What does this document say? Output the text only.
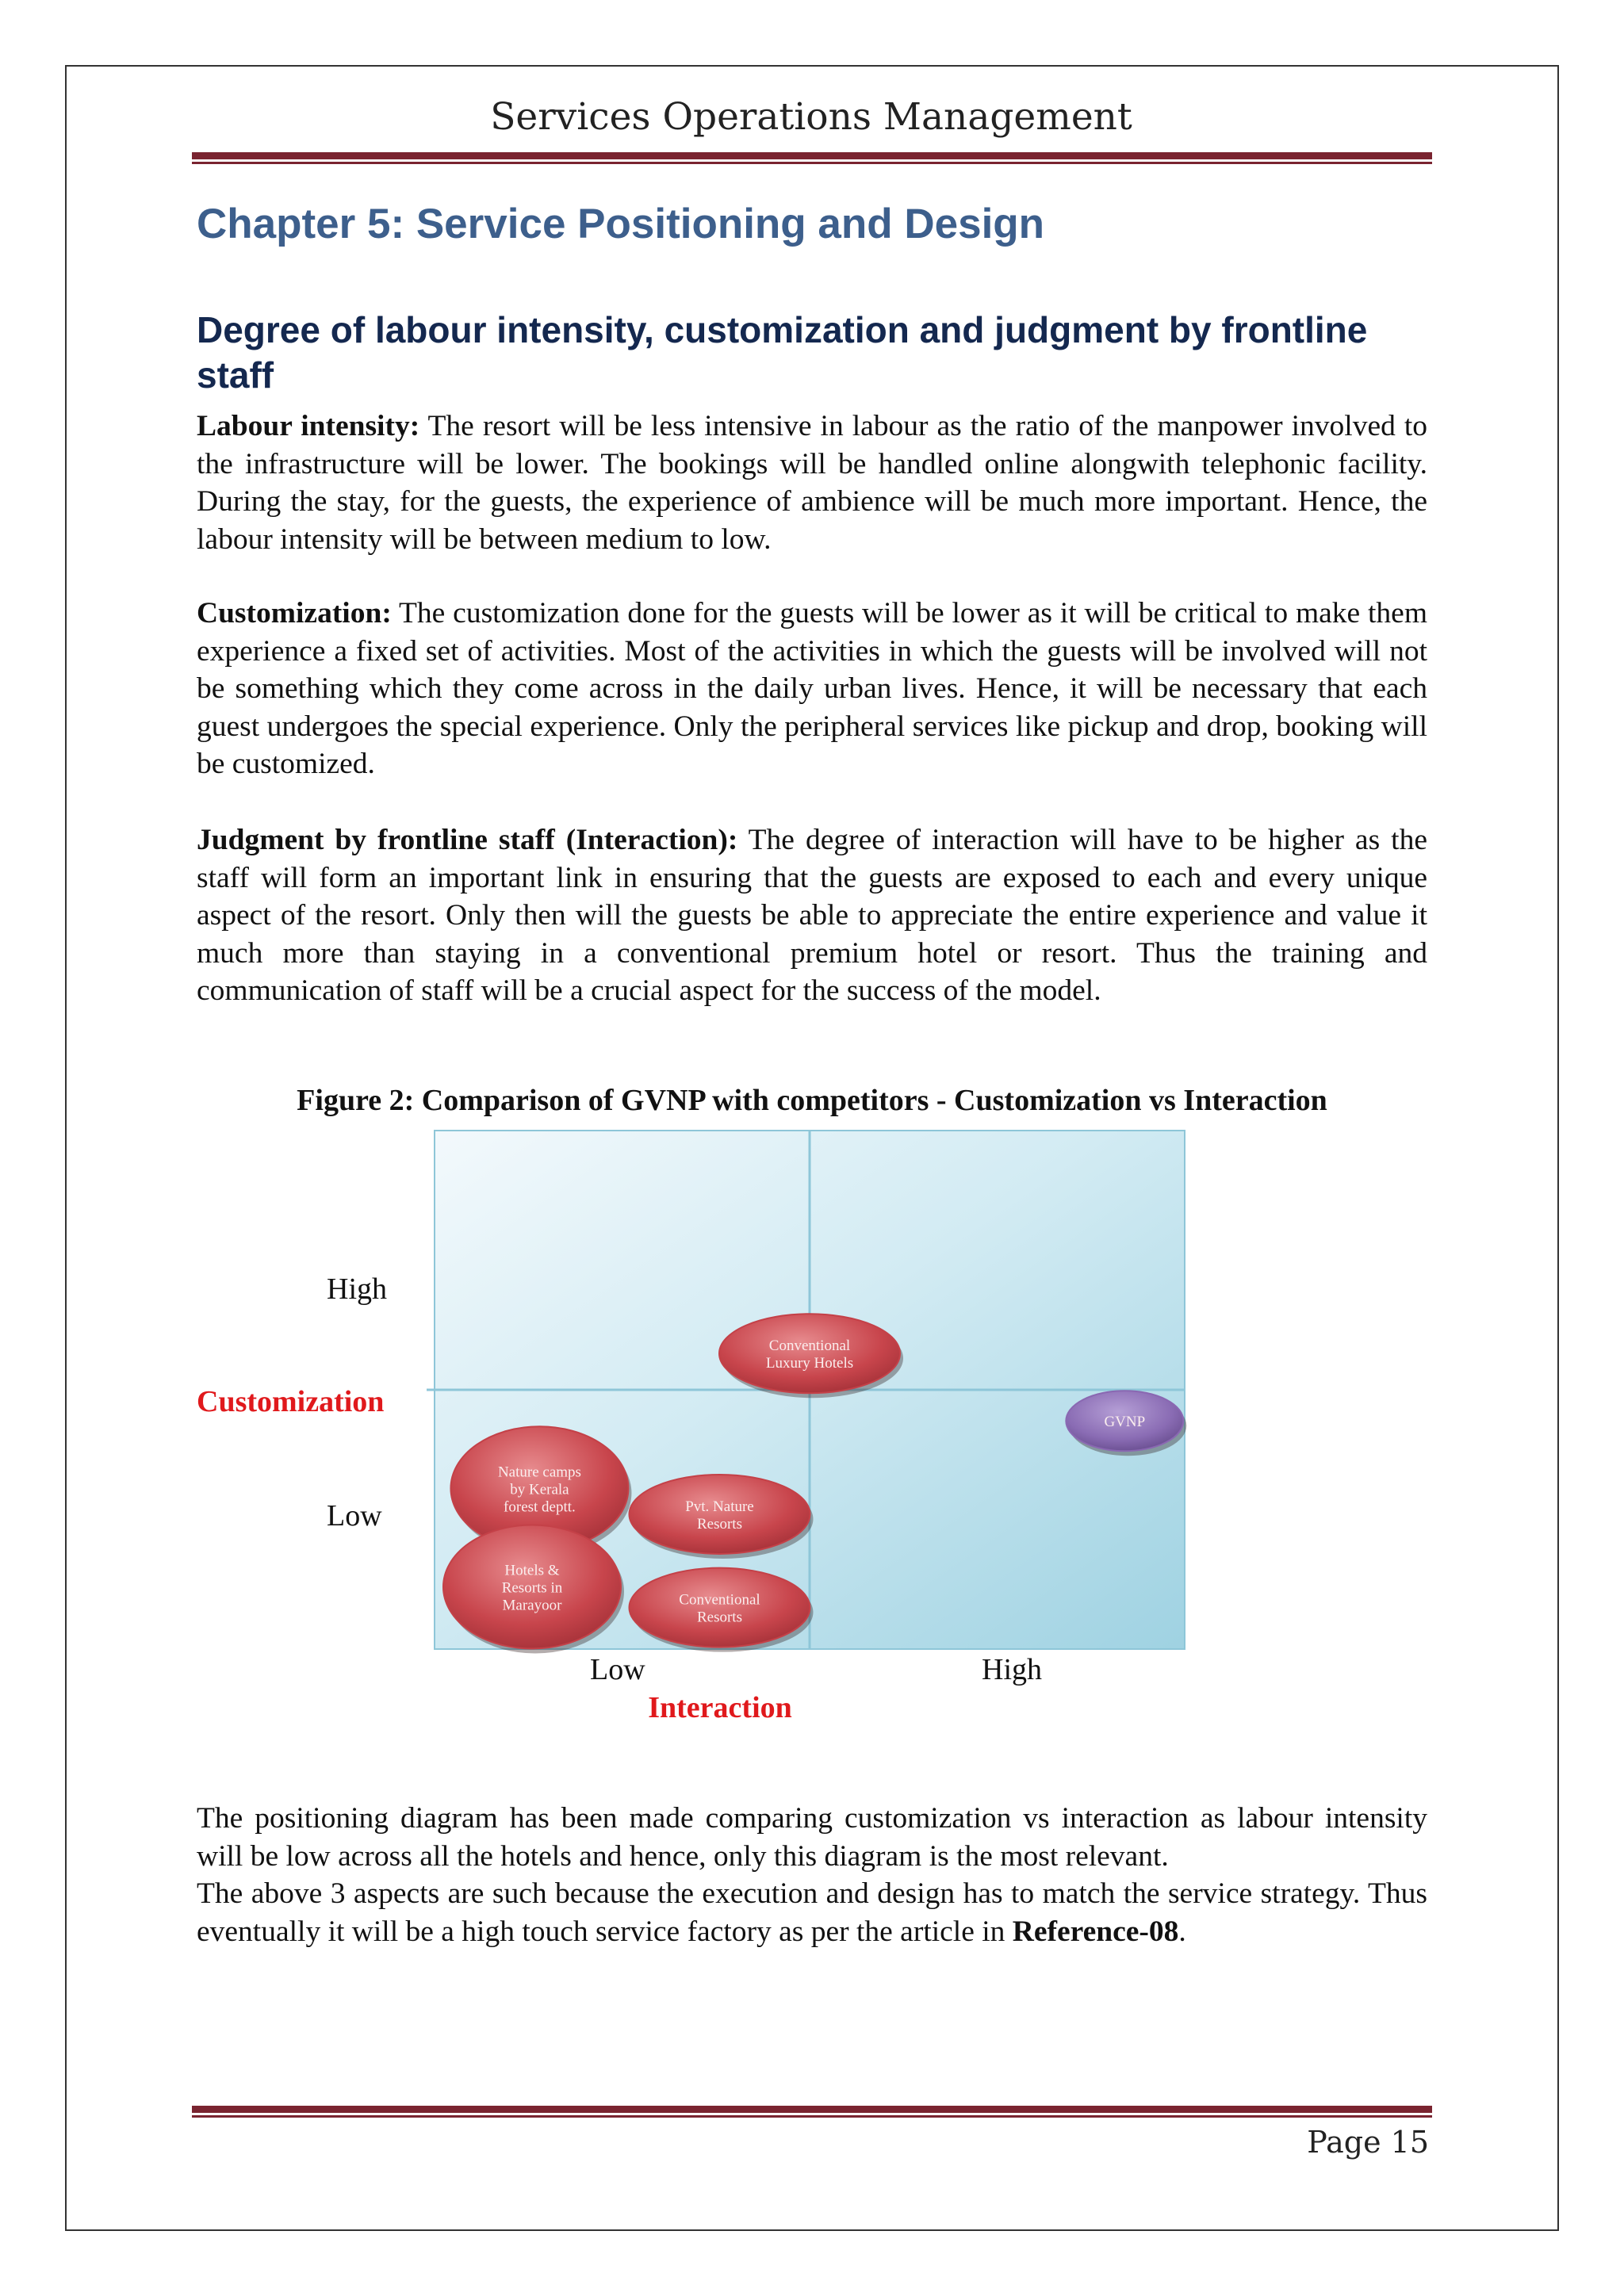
Services Operations Management
Chapter 5: Service Positioning and Design
Degree of labour intensity, customization and judgment by frontline staff

Labour intensity: The resort will be less intensive in labour as the ratio of the manpower involved to the infrastructure will be lower. The bookings will be handled online alongwith telephonic facility. During the stay, for the guests, the experience of ambience will be much more important. Hence, the labour intensity will be between medium to low.

Customization: The customization done for the guests will be lower as it will be critical to make them experience a fixed set of activities. Most of the activities in which the guests will be involved will not be something which they come across in the daily urban lives. Hence, it will be necessary that each guest undergoes the special experience. Only the peripheral services like pickup and drop, booking will be customized.

Judgment by frontline staff (Interaction): The degree of interaction will have to be higher as the staff will form an important link in ensuring that the guests are exposed to each and every unique aspect of the resort. Only then will the guests be able to appreciate the entire experience and value it much more than staying in a conventional premium hotel or resort. Thus the training and communication of staff will be a crucial aspect for the success of the model.

Figure 2: Comparison of GVNP with competitors - Customization vs Interaction

Conventional
Luxury Hotels
GVNP
Nature camps
by Kerala
forest deptt.	Pvt. Nature
Resorts
Hotels &
Resorts in
Marayoor	Conventional
Resorts
High
Customization
Low
Low	High
Interaction

The positioning diagram has been made comparing customization vs interaction as labour intensity will be low across all the hotels and hence, only this diagram is the most relevant.

The above 3 aspects are such because the execution and design has to match the service strategy. Thus eventually it will be a high touch service factory as per the article in Reference-08.

Page 15
